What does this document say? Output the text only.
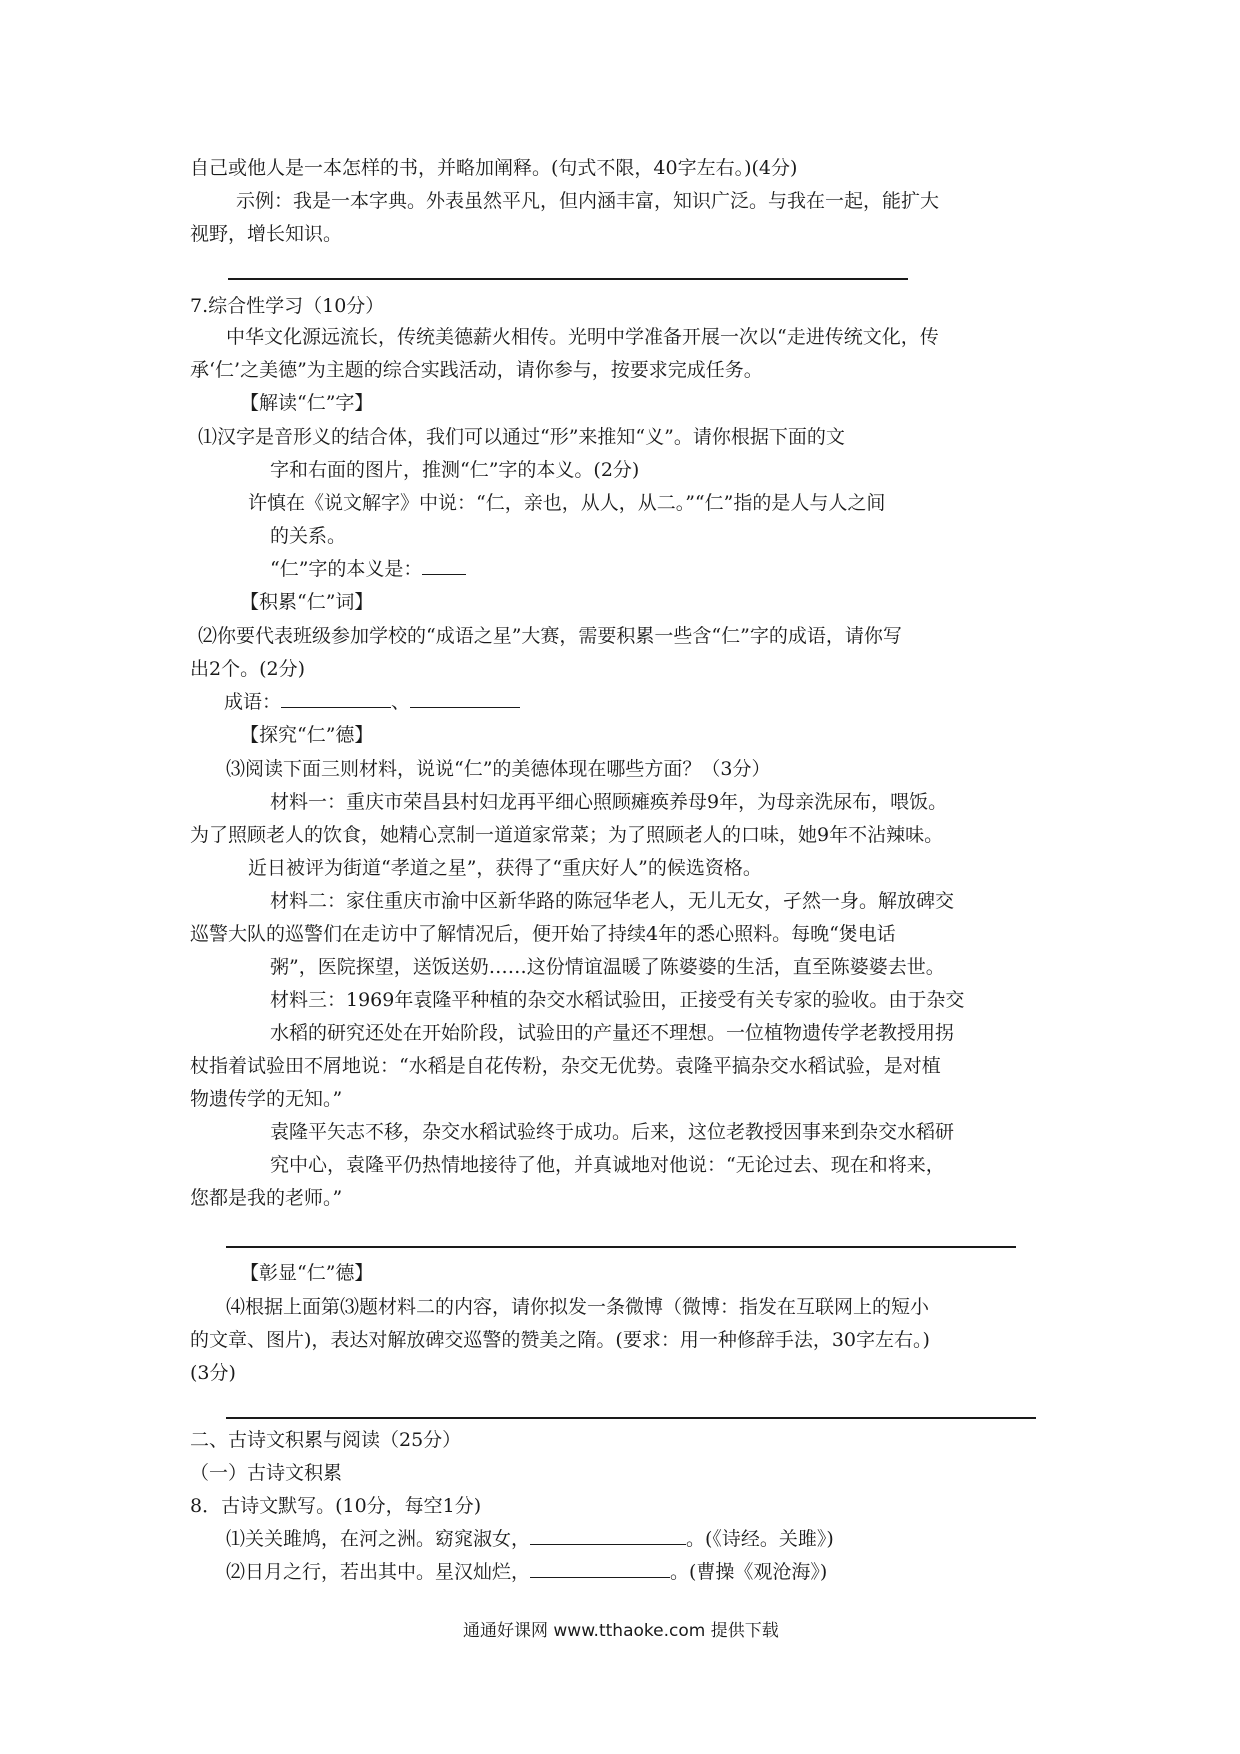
自己或他人是一本怎样的书，并略加阐释。(句式不限，40字左右。)(4分)
示例：我是一本字典。外表虽然平凡，但内涵丰富，知识广泛。与我在一起，能扩大
视野，增长知识。
7.综合性学习（10分）
中华文化源远流长，传统美德薪火相传。光明中学准备开展一次以“走进传统文化，传
承‘仁’之美德”为主题的综合实践活动，请你参与，按要求完成任务。
【解读“仁”字】
⑴汉字是音形义的结合体，我们可以通过“形”来推知“义”。请你根据下面的文
字和右面的图片，推测“仁”字的本义。(2分)
许慎在《说文解字》中说：“仁，亲也，从人，从二。”“仁”指的是人与人之间
的关系。
“仁”字的本义是：
【积累“仁”词】
⑵你要代表班级参加学校的“成语之星”大赛，需要积累一些含“仁”字的成语，请你写
出2个。(2分)
成语：	、
【探究“仁”德】
⑶阅读下面三则材料，说说“仁”的美德体现在哪些方面？（3分）
材料一：重庆市荣昌县村妇龙再平细心照顾瘫痪养母9年，为母亲洗尿布，喂饭。
为了照顾老人的饮食，她精心烹制一道道家常菜；为了照顾老人的口味，她9年不沾辣味。
近日被评为街道“孝道之星”，获得了“重庆好人”的候选资格。
材料二：家住重庆市渝中区新华路的陈冠华老人，无儿无女，孑然一身。解放碑交
巡警大队的巡警们在走访中了解情况后，便开始了持续4年的悉心照料。每晚“煲电话
粥”，医院探望，送饭送奶……这份情谊温暖了陈婆婆的生活，直至陈婆婆去世。
材料三：1969年袁隆平种植的杂交水稻试验田，正接受有关专家的验收。由于杂交
水稻的研究还处在开始阶段，试验田的产量还不理想。一位植物遗传学老教授用拐
杖指着试验田不屑地说：“水稻是自花传粉，杂交无优势。袁隆平搞杂交水稻试验，是对植
物遗传学的无知。”
袁隆平矢志不移，杂交水稻试验终于成功。后来，这位老教授因事来到杂交水稻研
究中心，袁隆平仍热情地接待了他，并真诚地对他说：“无论过去、现在和将来，
您都是我的老师。”
【彰显“仁”德】
⑷根据上面第⑶题材料二的内容，请你拟发一条微博（微博：指发在互联网上的短小
的文章、图片)，表达对解放碑交巡警的赞美之隋。(要求：用一种修辞手法，30字左右。)
(3分)
二、古诗文积累与阅读（25分）
（一）古诗文积累
8．古诗文默写。(10分，每空1分)
⑴关关雎鸠，在河之洲。窈窕淑女，	。(《诗经。关雎》)
⑵日月之行，若出其中。星汉灿烂，	。(曹操《观沧海》)
通通好课网 www.tthaoke.com 提供下载
